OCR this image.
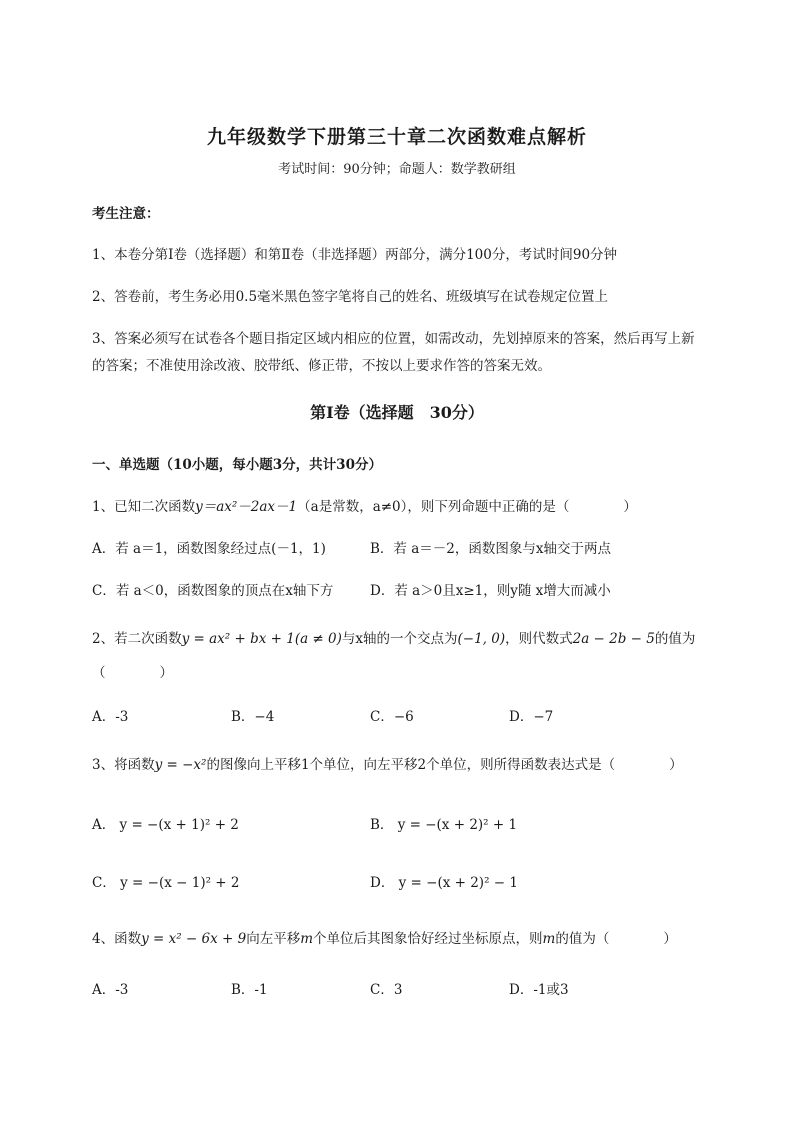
九年级数学下册第三十章二次函数难点解析
考试时间：90分钟；命题人：数学教研组
考生注意：
1、本卷分第I卷（选择题）和第Ⅱ卷（非选择题）两部分，满分100分，考试时间90分钟
2、答卷前，考生务必用0.5毫米黑色签字笔将自己的姓名、班级填写在试卷规定位置上
3、答案必须写在试卷各个题目指定区域内相应的位置，如需改动，先划掉原来的答案，然后再写上新
的答案；不准使用涂改液、胶带纸、修正带，不按以上要求作答的答案无效。
第I卷（选择题　30分）
一、单选题（10小题，每小题3分，共计30分）
1、已知二次函数y＝ax²－2ax－1（a是常数，a≠0），则下列命题中正确的是（　　　　）
A．若 a＝1，函数图象经过点(－1，1)	B．若 a＝－2，函数图象与x轴交于两点
C．若 a＜0，函数图象的顶点在x轴下方	D．若 a＞0且x≥1，则y随 x增大而减小
2、若二次函数y = ax² + bx + 1(a ≠ 0)与x轴的一个交点为(−1, 0)，则代数式2a − 2b − 5的值为
（　　　　）
A．-3	B．−4	C．−6	D．−7
3、将函数y = −x²的图像向上平移1个单位，向左平移2个单位，则所得函数表达式是（　　　　）
A． y = −(x + 1)² + 2	B． y = −(x + 2)² + 1
C． y = −(x − 1)² + 2	D． y = −(x + 2)² − 1
4、函数y = x² − 6x + 9向左平移m个单位后其图象恰好经过坐标原点，则m的值为（　　　　）
A．-3	B．-1	C．3	D．-1或3
